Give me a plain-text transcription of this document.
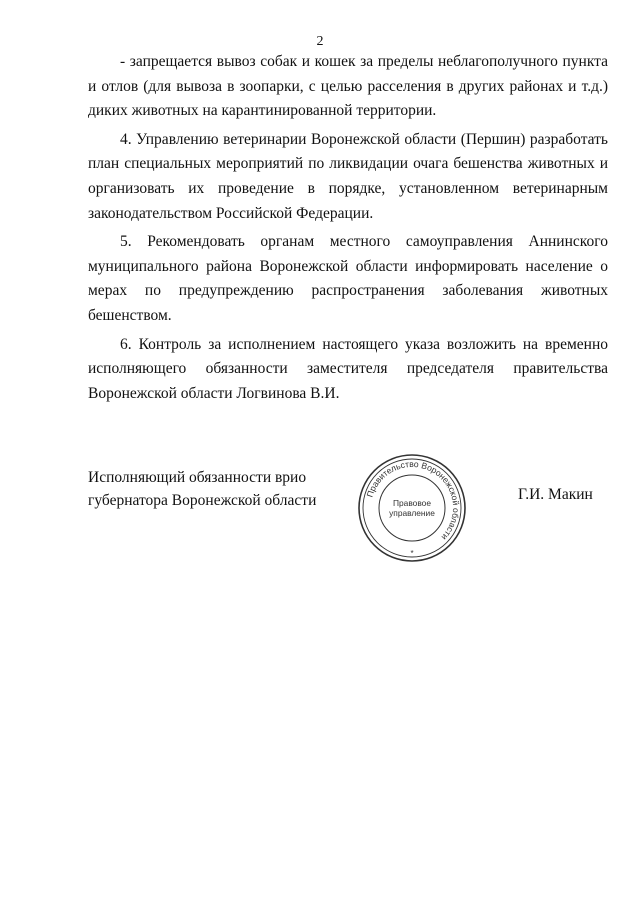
2

- запрещается вывоз собак и кошек за пределы неблагополучного пункта и отлов (для вывоза в зоопарки, с целью расселения в других районах и т.д.) диких животных на карантинированной территории.

4. Управлению ветеринарии Воронежской области (Першин) разработать план специальных мероприятий по ликвидации очага бешенства животных и организовать их проведение в порядке, установленном ветеринарным законодательством Российской Федерации.

5. Рекомендовать органам местного самоуправления Аннинского муниципального района Воронежской области информировать население о мерах по предупреждению распространения заболевания животных бешенством.

6. Контроль за исполнением настоящего указа возложить на временно исполняющего обязанности заместителя председателя правительства Воронежской области Логвинова В.И.

Исполняющий обязанности врио
губернатора Воронежской области	Правительство Воронежской области
Правовое
управление
*
Г.И. Макин
